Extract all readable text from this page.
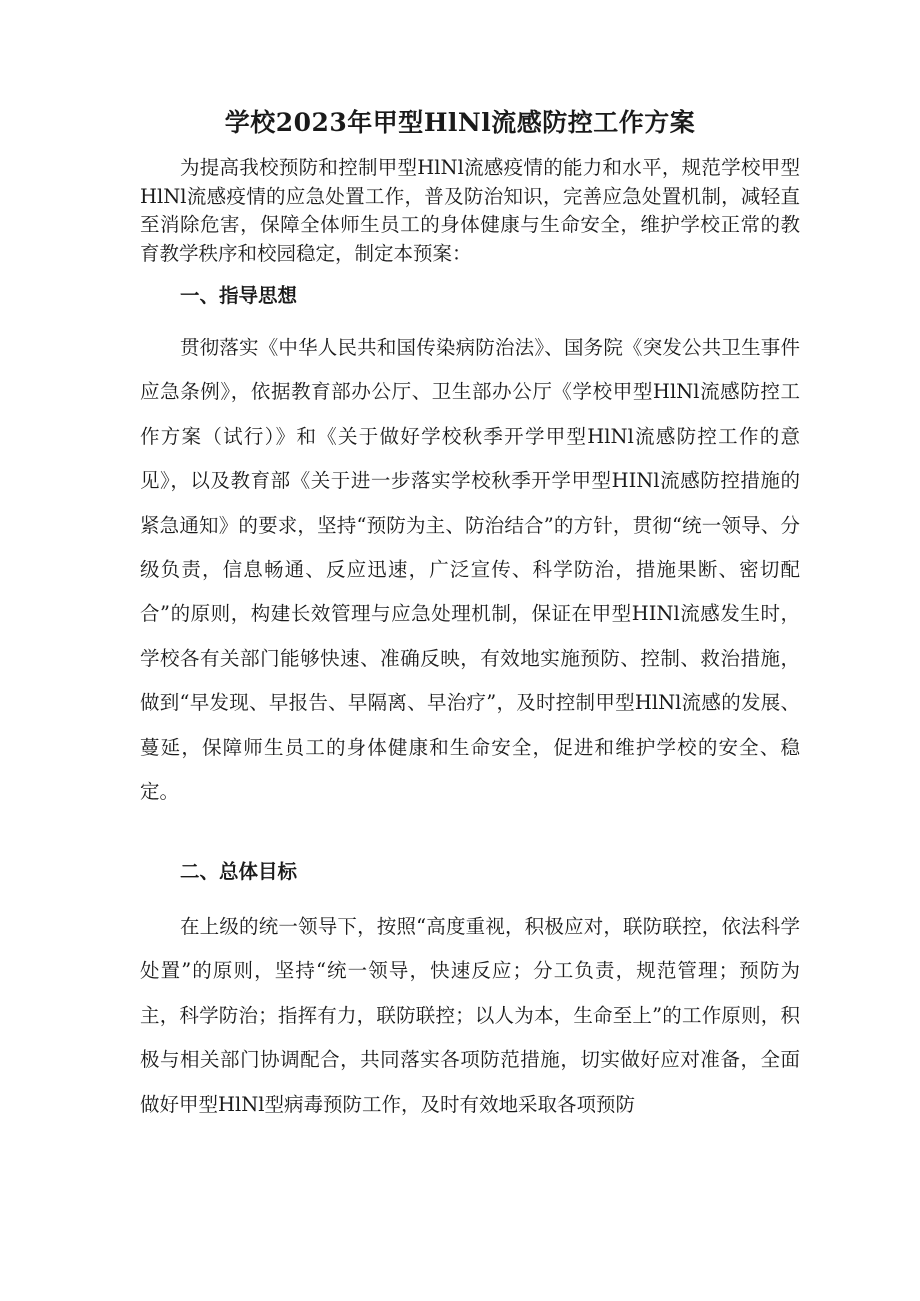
学校2023年甲型HlNl流感防控工作方案

为提高我校预防和控制甲型HlNl流感疫情的能力和水平，规范学校甲型HlNl流感疫情的应急处置工作，普及防治知识，完善应急处置机制，减轻直至消除危害，保障全体师生员工的身体健康与生命安全，维护学校正常的教育教学秩序和校园稳定，制定本预案：

一、指导思想

贯彻落实《中华人民共和国传染病防治法》、国务院《突发公共卫生事件应急条例》，依据教育部办公厅、卫生部办公厅《学校甲型HlNl流感防控工作方案（试行）》和《关于做好学校秋季开学甲型HlNl流感防控工作的意见》，以及教育部《关于进一步落实学校秋季开学甲型HINl流感防控措施的紧急通知》的要求，坚持“预防为主、防治结合”的方针，贯彻“统一领导、分级负责，信息畅通、反应迅速，广泛宣传、科学防治，措施果断、密切配合”的原则，构建长效管理与应急处理机制，保证在甲型HINl流感发生时，学校各有关部门能够快速、准确反映，有效地实施预防、控制、救治措施，做到“早发现、早报告、早隔离、早治疗”，及时控制甲型HlNl流感的发展、蔓延，保障师生员工的身体健康和生命安全，促进和维护学校的安全、稳定。

二、总体目标

在上级的统一领导下，按照“高度重视，积极应对，联防联控，依法科学处置”的原则，坚持“统一领导，快速反应；分工负责，规范管理；预防为主，科学防治；指挥有力，联防联控；以人为本，生命至上”的工作原则，积极与相关部门协调配合，共同落实各项防范措施，切实做好应对准备，全面做好甲型HlNl型病毒预防工作，及时有效地采取各项预防
